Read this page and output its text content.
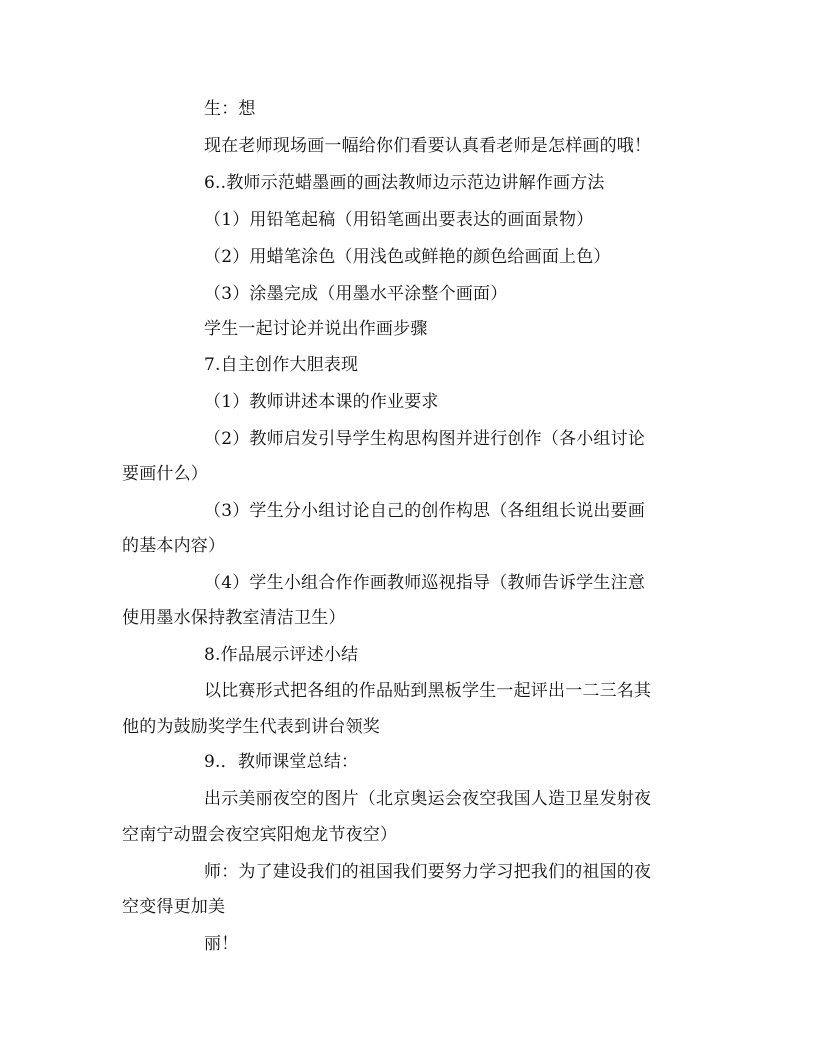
生：想
现在老师现场画一幅给你们看要认真看老师是怎样画的哦！
6..教师示范蜡墨画的画法教师边示范边讲解作画方法
（1）用铅笔起稿（用铅笔画出要表达的画面景物）
（2）用蜡笔涂色（用浅色或鲜艳的颜色给画面上色）
（3）涂墨完成（用墨水平涂整个画面）
学生一起讨论并说出作画步骤
7.自主创作大胆表现
（1）教师讲述本课的作业要求
（2）教师启发引导学生构思构图并进行创作（各小组讨论
要画什么）
（3）学生分小组讨论自己的创作构思（各组组长说出要画
的基本内容）
（4）学生小组合作作画教师巡视指导（教师告诉学生注意
使用墨水保持教室清洁卫生）
8.作品展示评述小结
以比赛形式把各组的作品贴到黑板学生一起评出一二三名其
他的为鼓励奖学生代表到讲台领奖
9.．教师课堂总结：
出示美丽夜空的图片（北京奥运会夜空我国人造卫星发射夜
空南宁动盟会夜空宾阳炮龙节夜空）
师：为了建设我们的祖国我们要努力学习把我们的祖国的夜
空变得更加美
丽！
